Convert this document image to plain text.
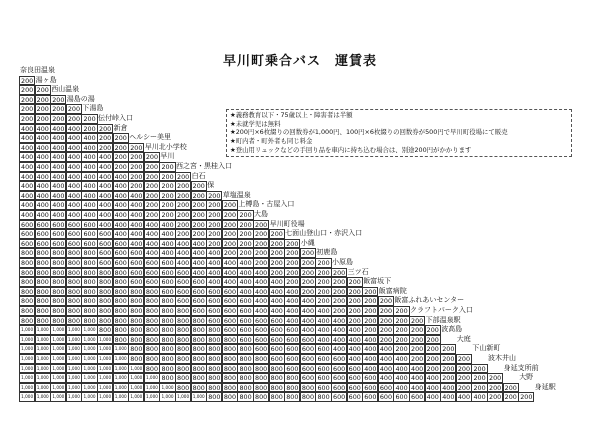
早川町乗合バス　運賃表
奈良田温泉
200 湯ヶ島
200 200 西山温泉
200 200 200 湯島の湯
200 200 200 200 下湯島
200 200 200 200 200 伝付峠入口
400 400 400 400 200 200 新倉
400 400 400 400 400 200 200 ヘルシー美里
400 400 400 400 400 200 200 200 早川北小学校
400 400 400 400 400 400 200 200 200 早川
400 400 400 400 400 400 200 200 200 200 西之宮・黒桂入口
400 400 400 400 400 400 400 200 200 200 200 白石
400 400 400 400 400 400 400 200 200 200 200 200 保
400 400 400 400 400 400 400 400 200 200 200 200 200 草塩温泉
400 400 400 400 400 400 400 400 200 200 200 200 200 200 上榑島・古屋入口
400 400 400 400 400 400 400 400 200 200 200 200 200 200 200 大島
600 600 600 600 600 400 400 400 400 400 200 200 200 200 200 200 早川町役場
600 600 600 600 600 600 400 400 400 400 200 200 200 200 200 200 200 七面山登山口・赤沢入口
600 600 600 600 600 600 600 400 400 400 400 400 200 200 200 200 200 200 小縄
800 800 800 800 800 600 600 600 400 400 400 400 400 200 200 200 200 200 200 初鹿島
800 800 800 800 800 600 600 600 600 600 400 400 400 400 400 200 200 200 200 200 小原島
800 800 800 800 800 800 800 600 600 600 600 400 400 400 400 400 200 200 200 200 200 三ツ石
800 800 800 800 800 800 800 600 600 600 600 600 400 400 400 400 400 200 200 200 200 200 飯富坂下
800 800 800 800 800 800 800 800 800 600 600 600 600 600 400 400 400 400 200 200 200 200 200 飯富病院
800 800 800 800 800 800 800 800 800 800 600 600 600 600 600 400 400 400 400 200 200 200 200 200 飯富ふれあいセンター
800 800 800 800 800 800 800 800 800 800 800 600 600 600 600 400 400 400 400 400 200 200 200 200 200 クラフトパーク入口
800 800 800 800 800 800 800 800 800 800 800 800 600 600 600 600 600 400 400 400 400 200 200 200 200 200 下部温泉駅
1,000 1,000 1,000 1,000 1,000 800 800 800 800 800 800 800 800 600 600 600 600 600 400 400 400 400 200 200 200 200 200 波高島
1,000 1,000 1,000 1,000 1,000 1,000 800 800 800 800 800 800 800 800 600 600 600 600 600 400 400 400 400 200 200 200 200	大庭
1,000 1,000 1,000 1,000 1,000 1,000 1,000 800 800 800 800 800 800 800 800 600 600 600 600 600 400 400 400 400 200 200 200 200	下山新町
1,000 1,000 1,000 1,000 1,000 1,000 1,000 800 800 800 800 800 800 800 800 800 600 600 600 600 600 400 400 400 400 200 200 200 200	波木井山
1,000 1,000 1,000 1,000 1,000 1,000 1,000 1,000 800 800 800 800 800 800 800 800 800 600 600 600 600 600 400 400 400 400 200 200 200 200	身延支所前
1,000 1,000 1,000 1,000 1,000 1,000 1,000 1,000 1,000 800 800 800 800 800 800 800 800 800 600 600 600 600 600 400 400 400 400 200 200 200 200	大野
1,000 1,000 1,000 1,000 1,000 1,000 1,000 1,000 1,000 1,000 800 800 800 800 800 800 800 800 800 600 600 600 600 600 400 400 400 400 200 200 200 200	身延駅
1,000 1,000 1,000 1,000 1,000 1,000 1,000 1,000 1,000 1,000 1,000 1,000 800 800 800 800 800 800 800 800 600 600 600 600 600 600 400 400 400 400 200 200 200
★義務教育以下・75歳以上・障害者は半額
★未就学児は無料
★200円×6枚綴りの回数券が1,000円、100円×6枚綴りの回数券が500円で早川町役場にて販売
★町内者・町外者も同じ料金
★登山用リュックなどの手回り品を車内に持ち込む場合は、別途200円がかかります
